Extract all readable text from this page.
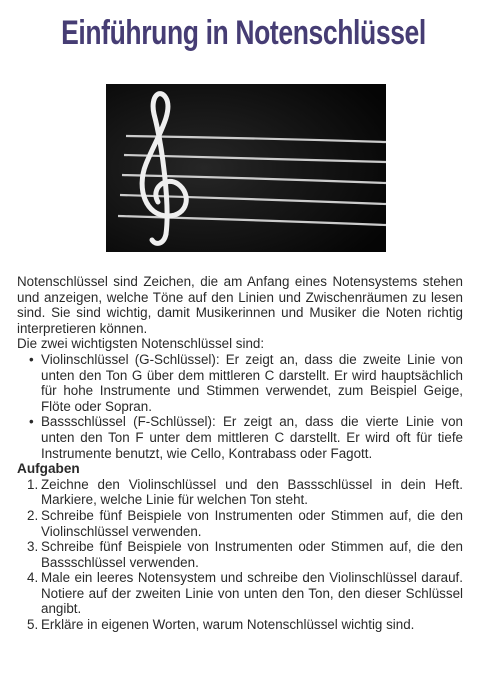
Einführung in Notenschlüssel

Notenschlüssel sind Zeichen, die am Anfang eines Notensystems stehen und anzeigen, welche Töne auf den Linien und Zwischenräumen zu lesen sind. Sie sind wichtig, damit Musikerinnen und Musiker die Noten richtig interpretieren können.

Die zwei wichtigsten Notenschlüssel sind:

• Violinschlüssel (G-Schlüssel): Er zeigt an, dass die zweite Linie von unten den Ton G über dem mittleren C darstellt. Er wird hauptsächlich für hohe Instrumente und Stimmen verwendet, zum Beispiel Geige, Flöte oder Sopran.
• Bassschlüssel (F-Schlüssel): Er zeigt an, dass die vierte Linie von unten den Ton F unter dem mittleren C darstellt. Er wird oft für tiefe Instrumente benutzt, wie Cello, Kontrabass oder Fagott.

Aufgaben

1. Zeichne den Violinschlüssel und den Bassschlüssel in dein Heft. Markiere, welche Linie für welchen Ton steht.
2. Schreibe fünf Beispiele von Instrumenten oder Stimmen auf, die den Violinschlüssel verwenden.
3. Schreibe fünf Beispiele von Instrumenten oder Stimmen auf, die den Bassschlüssel verwenden.
4. Male ein leeres Notensystem und schreibe den Violinschlüssel darauf. Notiere auf der zweiten Linie von unten den Ton, den dieser Schlüssel angibt.
5. Erkläre in eigenen Worten, warum Notenschlüssel wichtig sind.
